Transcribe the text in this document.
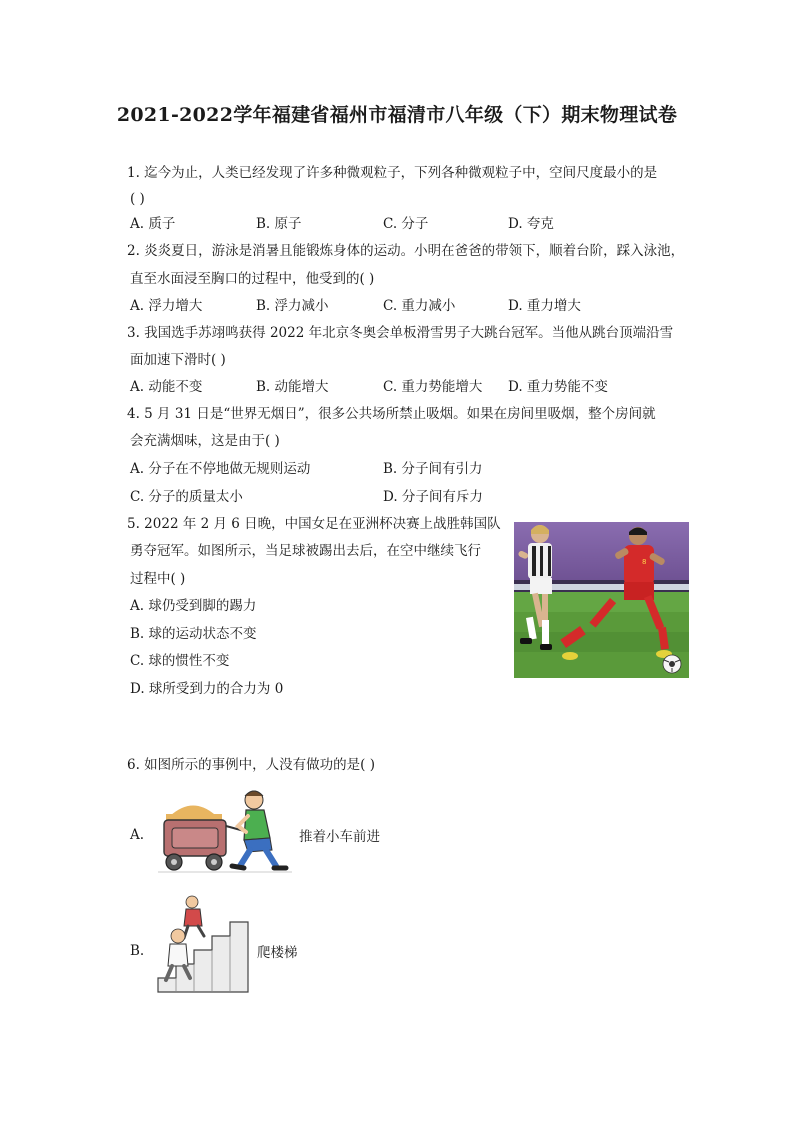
2021-2022学年福建省福州市福清市八年级（下）期末物理试卷
1. 迄今为止，人类已经发现了许多种微观粒子，下列各种微观粒子中，空间尺度最小的是
( )
A. 质子	B. 原子	C. 分子	D. 夸克
2. 炎炎夏日，游泳是消暑且能锻炼身体的运动。小明在爸爸的带领下，顺着台阶，踩入泳池，
直至水面浸至胸口的过程中，他受到的( )
A. 浮力增大	B. 浮力减小	C. 重力减小	D. 重力增大
3. 我国选手苏翊鸣获得 2022 年北京冬奥会单板滑雪男子大跳台冠军。当他从跳台顶端沿雪
面加速下滑时( )
A. 动能不变	B. 动能增大	C. 重力势能增大 D. 重力势能不变
4. 5 月 31 日是“世界无烟日”，很多公共场所禁止吸烟。如果在房间里吸烟，整个房间就
会充满烟味，这是由于( )
A. 分子在不停地做无规则运动	B. 分子间有引力
C. 分子的质量太小	D. 分子间有斥力
5. 2022 年 2 月 6 日晚，中国女足在亚洲杯决赛上战胜韩国队
勇夺冠军。如图所示，当足球被踢出去后，在空中继续飞行
过程中( )
A. 球仍受到脚的踢力
B. 球的运动状态不变
C. 球的惯性不变
D. 球所受到力的合力为 0
8
6. 如图所示的事例中，人没有做功的是( )
A.	推着小车前进
B.	爬楼梯
